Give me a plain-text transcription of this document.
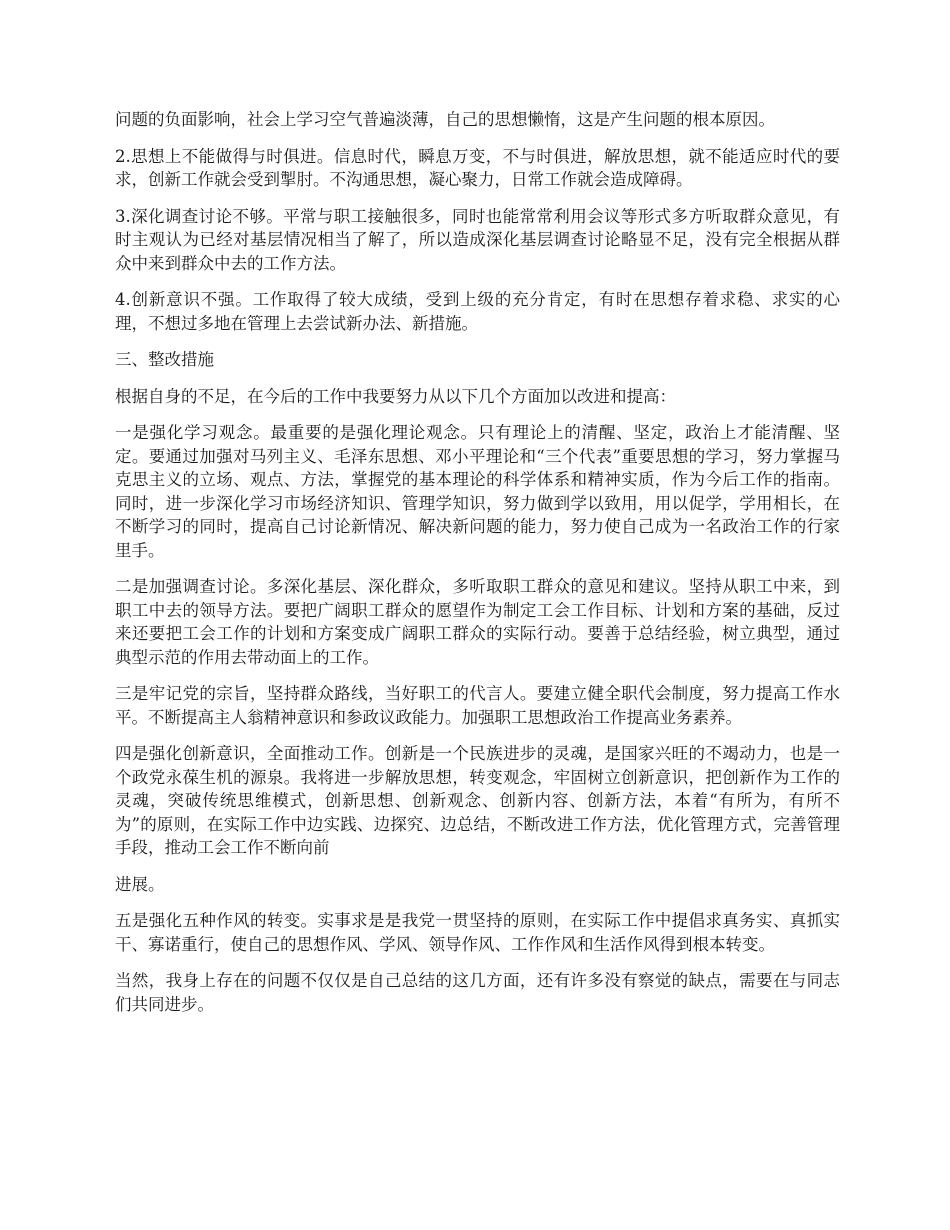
问题的负面影响，社会上学习空气普遍淡薄，自己的思想懒惰，这是产生问题的根本原因。

2.思想上不能做得与时俱进。信息时代，瞬息万变，不与时俱进，解放思想，就不能适应时代的要求，创新工作就会受到掣肘。不沟通思想，凝心聚力，日常工作就会造成障碍。

3.深化调查讨论不够。平常与职工接触很多，同时也能常常利用会议等形式多方听取群众意见，有时主观认为已经对基层情况相当了解了，所以造成深化基层调查讨论略显不足，没有完全根据从群众中来到群众中去的工作方法。

4.创新意识不强。工作取得了较大成绩，受到上级的充分肯定，有时在思想存着求稳、求实的心理，不想过多地在管理上去尝试新办法、新措施。

三、整改措施

根据自身的不足，在今后的工作中我要努力从以下几个方面加以改进和提高：

一是强化学习观念。最重要的是强化理论观念。只有理论上的清醒、坚定，政治上才能清醒、坚定。要通过加强对马列主义、毛泽东思想、邓小平理论和“三个代表”重要思想的学习，努力掌握马克思主义的立场、观点、方法，掌握党的基本理论的科学体系和精神实质，作为今后工作的指南。同时，进一步深化学习市场经济知识、管理学知识，努力做到学以致用，用以促学，学用相长，在不断学习的同时，提高自己讨论新情况、解决新问题的能力，努力使自己成为一名政治工作的行家里手。

二是加强调查讨论。多深化基层、深化群众，多听取职工群众的意见和建议。坚持从职工中来，到职工中去的领导方法。要把广阔职工群众的愿望作为制定工会工作目标、计划和方案的基础，反过来还要把工会工作的计划和方案变成广阔职工群众的实际行动。要善于总结经验，树立典型，通过典型示范的作用去带动面上的工作。

三是牢记党的宗旨，坚持群众路线，当好职工的代言人。要建立健全职代会制度，努力提高工作水平。不断提高主人翁精神意识和参政议政能力。加强职工思想政治工作提高业务素养。

四是强化创新意识，全面推动工作。创新是一个民族进步的灵魂，是国家兴旺的不竭动力，也是一个政党永葆生机的源泉。我将进一步解放思想，转变观念，牢固树立创新意识，把创新作为工作的灵魂，突破传统思维模式，创新思想、创新观念、创新内容、创新方法，本着“有所为，有所不为”的原则，在实际工作中边实践、边探究、边总结，不断改进工作方法，优化管理方式，完善管理手段，推动工会工作不断向前

进展。

五是强化五种作风的转变。实事求是是我党一贯坚持的原则，在实际工作中提倡求真务实、真抓实干、寡诺重行，使自己的思想作风、学风、领导作风、工作作风和生活作风得到根本转变。

当然，我身上存在的问题不仅仅是自己总结的这几方面，还有许多没有察觉的缺点，需要在与同志们共同进步。
